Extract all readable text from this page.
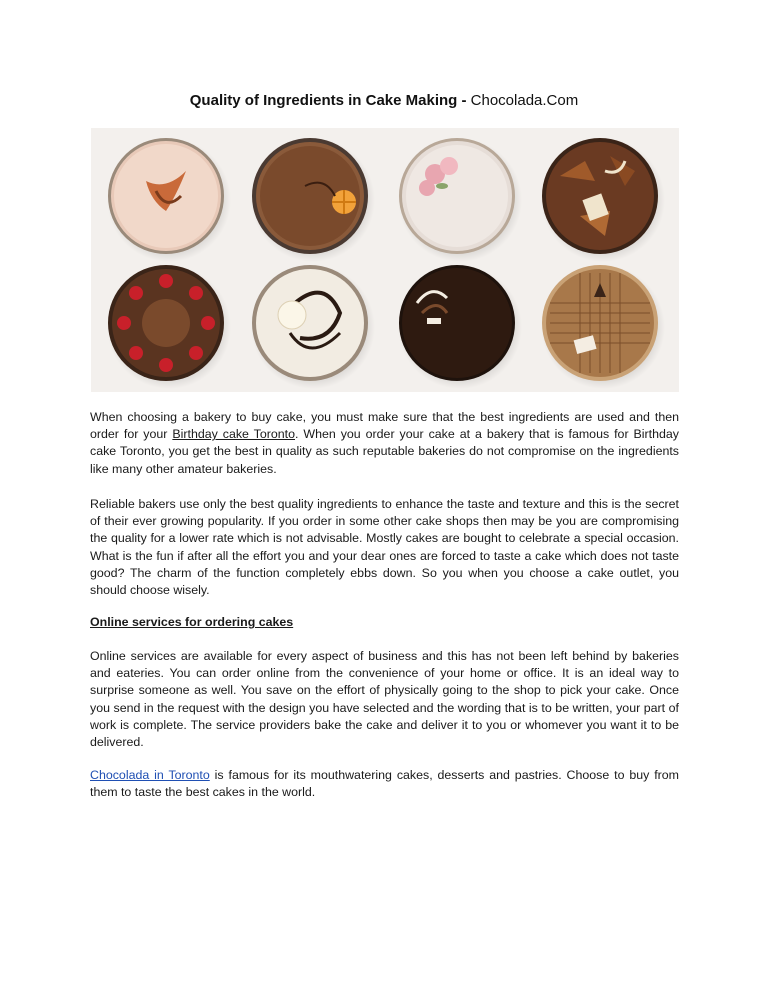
Quality of Ingredients in Cake Making - Chocolada.Com

When choosing a bakery to buy cake, you must make sure that the best ingredients are used and then order for your Birthday cake Toronto. When you order your cake at a bakery that is famous for Birthday cake Toronto, you get the best in quality as such reputable bakeries do not compromise on the ingredients like many other amateur bakeries.

Reliable bakers use only the best quality ingredients to enhance the taste and texture and this is the secret of their ever growing popularity. If you order in some other cake shops then may be you are compromising the quality for a lower rate which is not advisable. Mostly cakes are bought to celebrate a special occasion. What is the fun if after all the effort you and your dear ones are forced to taste a cake which does not taste good? The charm of the function completely ebbs down. So you when you choose a cake outlet, you should choose wisely.

Online services for ordering cakes

Online services are available for every aspect of business and this has not been left behind by bakeries and eateries. You can order online from the convenience of your home or office. It is an ideal way to surprise someone as well. You save on the effort of physically going to the shop to pick your cake. Once you send in the request with the design you have selected and the wording that is to be written, your part of work is complete. The service providers bake the cake and deliver it to you or whomever you want it to be delivered.

Chocolada in Toronto is famous for its mouthwatering cakes, desserts and pastries. Choose to buy from them to taste the best cakes in the world.
